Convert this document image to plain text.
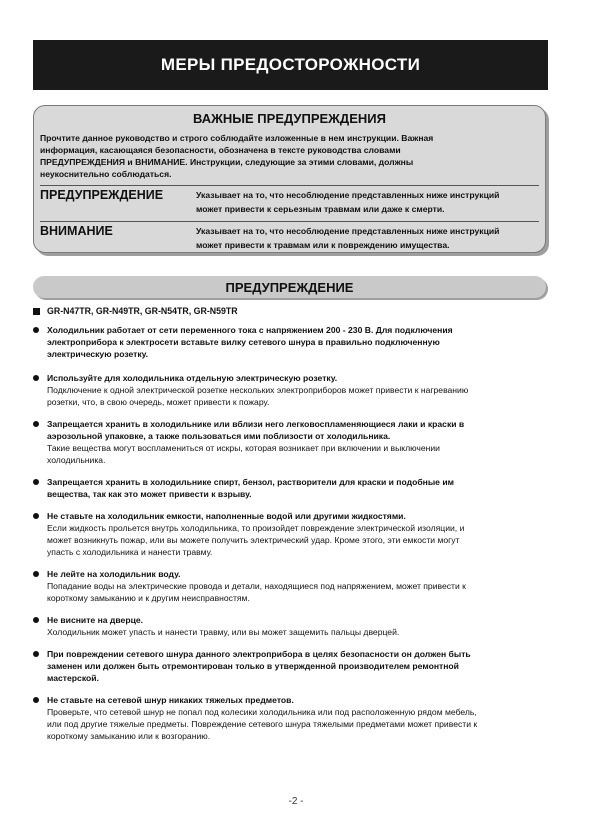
МЕРЫ ПРЕДОСТОРОЖНОСТИ
ВАЖНЫЕ ПРЕДУПРЕЖДЕНИЯ
Прочтите данное руководство и строго соблюдайте изложенные в нем инструкции. Важная
информация, касающаяся безопасности, обозначена в тексте руководства словами
ПРЕДУПРЕЖДЕНИЯ и ВНИМАНИЕ. Инструкции, следующие за этими словами, должны
неукоснительно соблюдаться.
ПРЕДУПРЕЖДЕНИЕ	Указывает на то, что несоблюдение представленных ниже инструкций
может привести к серьезным травмам или даже к смерти.
ВНИМАНИЕ	Указывает на то, что несоблюдение представленных ниже инструкций
может привести к травмам или к повреждению имущества.
ПРЕДУПРЕЖДЕНИЕ
GR-N47TR, GR-N49TR, GR-N54TR, GR-N59TR
Холодильник работает от сети переменного тока с напряжением 200 - 230 В. Для подключения
электроприбора к электросети вставьте вилку сетевого шнура в правильно подключенную
электрическую розетку.
Используйте для холодильника отдельную электрическую розетку.
Подключение к одной электрической розетке нескольких электроприборов может привести к нагреванию
розетки, что, в свою очередь, может привести к пожару.
Запрещается хранить в холодильнике или вблизи него легковоспламеняющиеся лаки и краски в
аэрозольной упаковке, а также пользоваться ими поблизости от холодильника.
Такие вещества могут воспламениться от искры, которая возникает при включении и выключении
холодильника.
Запрещается хранить в холодильнике спирт, бензол, растворители для краски и подобные им
вещества, так как это может привести к взрыву.
Не ставьте на холодильник емкости, наполненные водой или другими жидкостями.
Если жидкость прольется внутрь холодильника, то произойдет повреждение электрической изоляции, и
может возникнуть пожар, или вы можете получить электрический удар. Кроме этого, эти емкости могут
упасть с холодильника и нанести травму.
Не лейте на холодильник воду.
Попадание воды на электрические провода и детали, находящиеся под напряжением, может привести к
короткому замыканию и к другим неисправностям.
Не висните на дверце.
Холодильник может упасть и нанести травму, или вы может защемить пальцы дверцей.
При повреждении сетевого шнура данного электроприбора в целях безопасности он должен быть
заменен или должен быть отремонтирован только в утвержденной производителем ремонтной
мастерской.
Не ставьте на сетевой шнур никаких тяжелых предметов.
Проверьте, что сетевой шнур не попал под колесики холодильника или под расположенную рядом мебель,
или под другие тяжелые предметы. Повреждение сетевого шнура тяжелыми предметами может привести к
короткому замыканию или к возгоранию.
-2 -
